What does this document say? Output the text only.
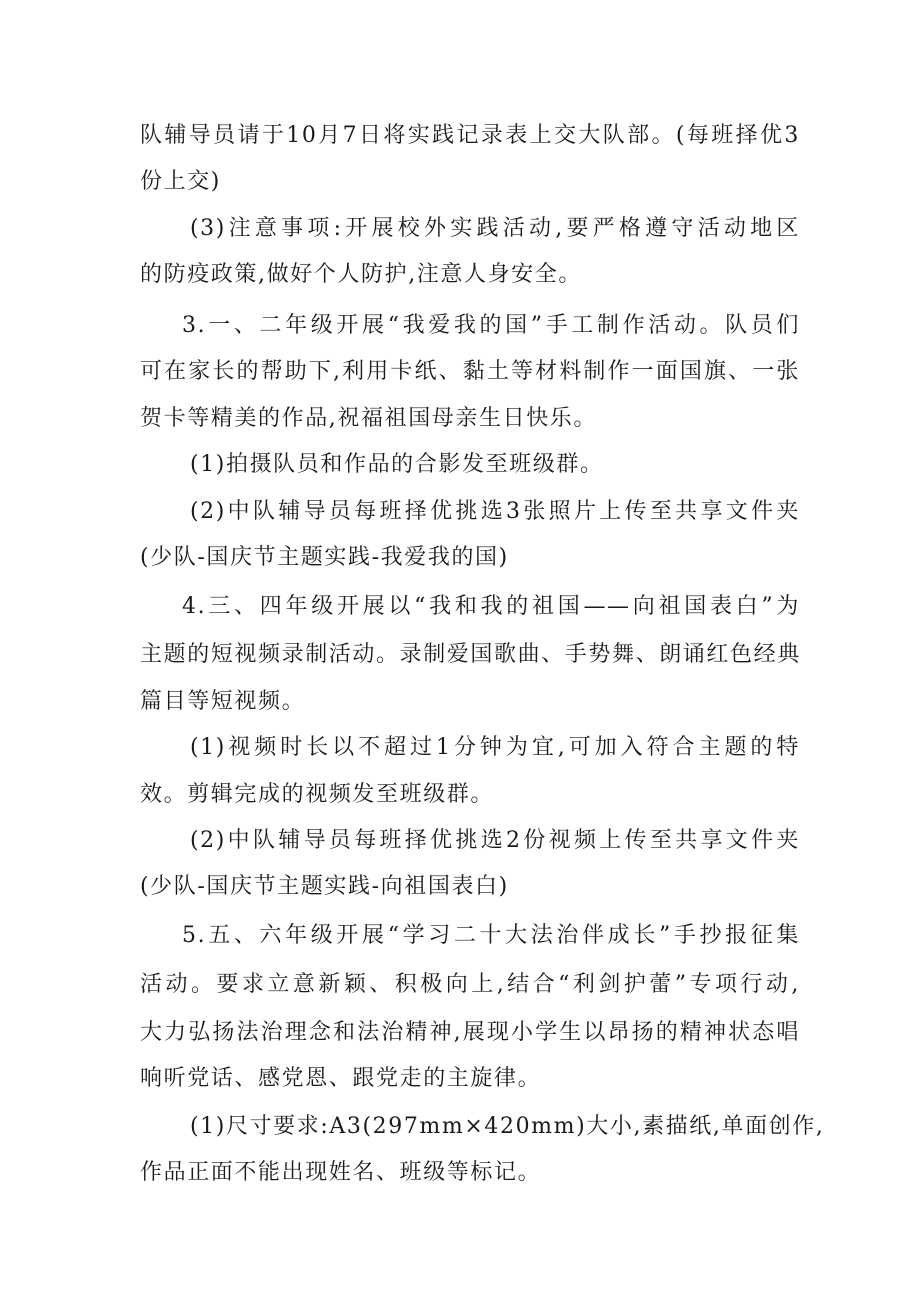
队辅导员请于10月7日将实践记录表上交大队部。(每班择优3
份上交)
(3)注意事项:开展校外实践活动,要严格遵守活动地区
的防疫政策,做好个人防护,注意人身安全。
3.一、二年级开展“我爱我的国”手工制作活动。队员们
可在家长的帮助下,利用卡纸、黏土等材料制作一面国旗、一张
贺卡等精美的作品,祝福祖国母亲生日快乐。
(1)拍摄队员和作品的合影发至班级群。
(2)中队辅导员每班择优挑选3张照片上传至共享文件夹
(少队-国庆节主题实践-我爱我的国)
4.三、四年级开展以“我和我的祖国——向祖国表白”为
主题的短视频录制活动。录制爱国歌曲、手势舞、朗诵红色经典
篇目等短视频。
(1)视频时长以不超过1分钟为宜,可加入符合主题的特
效。剪辑完成的视频发至班级群。
(2)中队辅导员每班择优挑选2份视频上传至共享文件夹
(少队-国庆节主题实践-向祖国表白)
5.五、六年级开展“学习二十大法治伴成长”手抄报征集
活动。要求立意新颖、积极向上,结合“利剑护蕾”专项行动,
大力弘扬法治理念和法治精神,展现小学生以昂扬的精神状态唱
响听党话、感党恩、跟党走的主旋律。
(1)尺寸要求:A3(297mm×420mm)大小,素描纸,单面创作,
作品正面不能出现姓名、班级等标记。
